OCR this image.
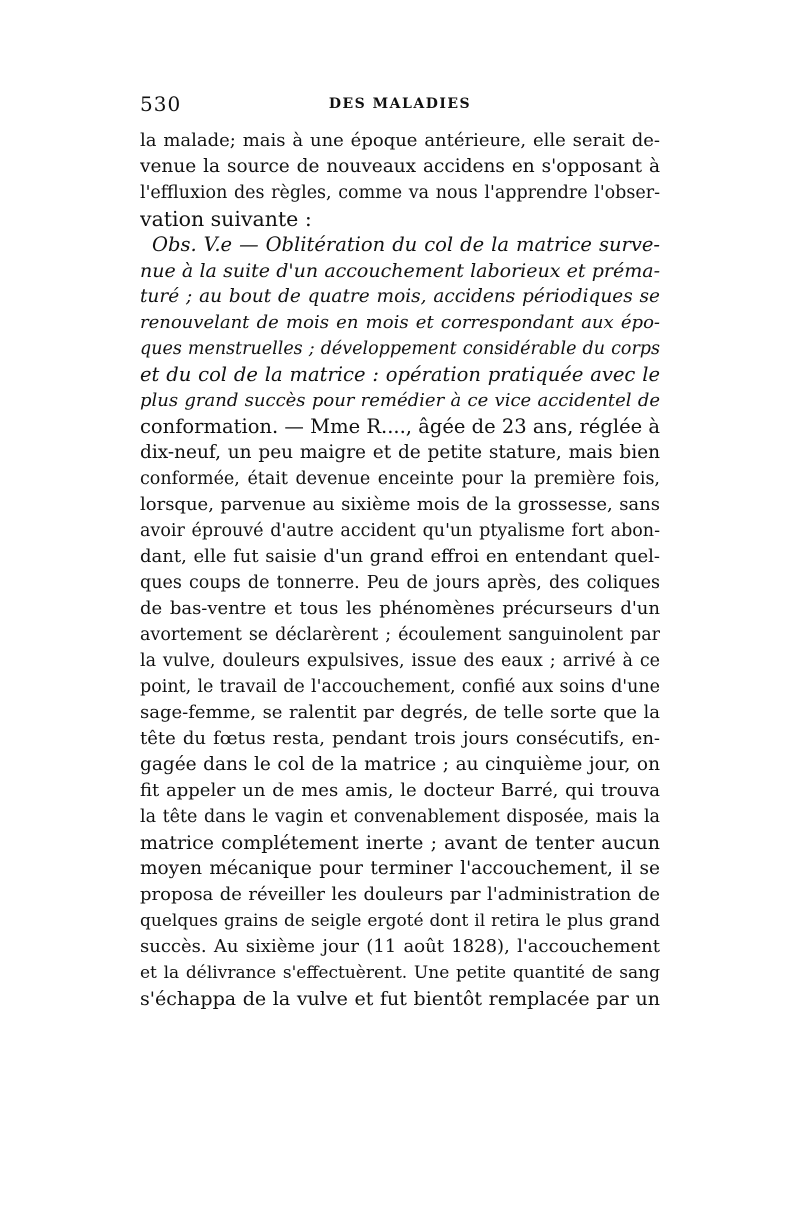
530	DES MALADIES
la malade; mais à une époque antérieure, elle serait de-
venue la source de nouveaux accidens en s'opposant à
l'effluxion des règles, comme va nous l'apprendre l'obser-
vation suivante :
Obs. V.e — Oblitération du col de la matrice surve-
nue à la suite d'un accouchement laborieux et préma-
turé ; au bout de quatre mois, accidens périodiques se
renouvelant de mois en mois et correspondant aux épo-
ques menstruelles ; développement considérable du corps
et du col de la matrice : opération pratiquée avec le
plus grand succès pour remédier à ce vice accidentel de
conformation. — Mme R...., âgée de 23 ans, réglée à
dix-neuf, un peu maigre et de petite stature, mais bien
conformée, était devenue enceinte pour la première fois,
lorsque, parvenue au sixième mois de la grossesse, sans
avoir éprouvé d'autre accident qu'un ptyalisme fort abon-
dant, elle fut saisie d'un grand effroi en entendant quel-
ques coups de tonnerre. Peu de jours après, des coliques
de bas-ventre et tous les phénomènes précurseurs d'un
avortement se déclarèrent ; écoulement sanguinolent par
la vulve, douleurs expulsives, issue des eaux ; arrivé à ce
point, le travail de l'accouchement, confié aux soins d'une
sage-femme, se ralentit par degrés, de telle sorte que la
tête du fœtus resta, pendant trois jours consécutifs, en-
gagée dans le col de la matrice ; au cinquième jour, on
fit appeler un de mes amis, le docteur Barré, qui trouva
la tête dans le vagin et convenablement disposée, mais la
matrice complétement inerte ; avant de tenter aucun
moyen mécanique pour terminer l'accouchement, il se
proposa de réveiller les douleurs par l'administration de
quelques grains de seigle ergoté dont il retira le plus grand
succès. Au sixième jour (11 août 1828), l'accouchement
et la délivrance s'effectuèrent. Une petite quantité de sang
s'échappa de la vulve et fut bientôt remplacée par un
